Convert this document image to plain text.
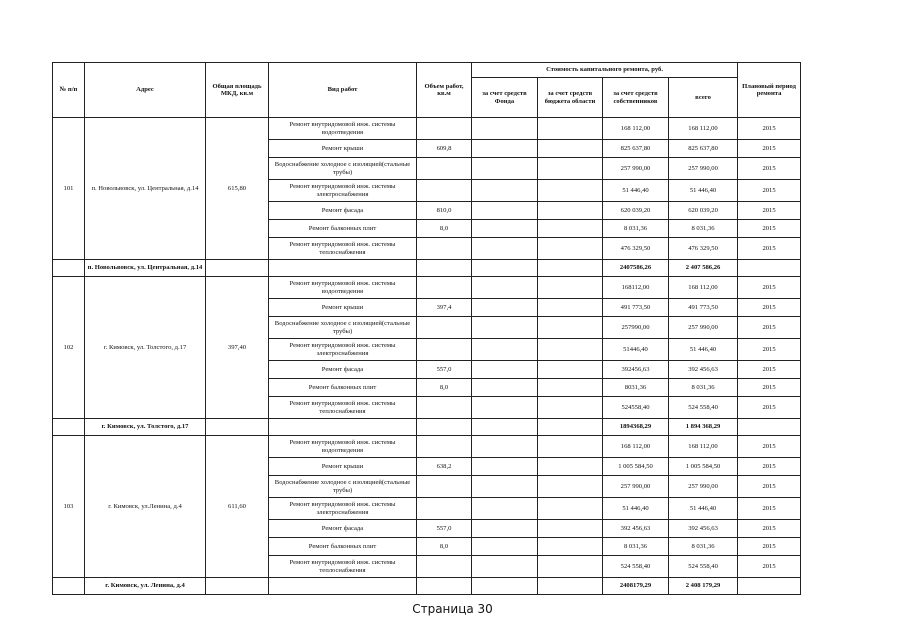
№ п/п	Адрес	Общая площадь МКД, кв.м	Вид работ	Объем работ, кв.м	Стоимость капитального ремонта, руб.				Плановый период ремонта
					за счет средств Фонда	за счет средств бюджета области	за счет средств собственников	всего	
101	п. Новольвовск, ул. Центральная, д.14	615,80	Ремонт внутридомовой инж. системы водоотведения				168 112,00	168 112,00	2015
			Ремонт крыши	609,8			825 637,80	825 637,80	2015
			Водоснабжение холодное с изоляцией(стальные трубы)				257 990,00	257 990,00	2015
			Ремонт внутридомовой инж. системы электроснабжения				51 446,40	51 446,40	2015
			Ремонт фасада	810,0			620 039,20	620 039,20	2015
			Ремонт балконных плит	8,0			8 031,36	8 031,36	2015
			Ремонт внутридомовой инж. системы теплоснабжения				476 329,50	476 329,50	2015
	п. Новольвовск, ул. Центральная, д.14						2407586,26	2 407 586,26	
102	г. Кимовск, ул. Толстого, д.17	397,40	Ремонт внутридомовой инж. системы водоотведения				168112,00	168 112,00	2015
			Ремонт крыши	397,4			491 773,50	491 773,50	2015
			Водоснабжение холодное с изоляцией(стальные трубы)				257990,00	257 990,00	2015
			Ремонт внутридомовой инж. системы электроснабжения				51446,40	51 446,40	2015
			Ремонт фасада	557,0			392456,63	392 456,63	2015
			Ремонт балконных плит	8,0			8031,36	8 031,36	2015
			Ремонт внутридомовой инж. системы теплоснабжения				524558,40	524 558,40	2015
	г. Кимовск, ул. Толстого, д.17						1894368,29	1 894 368,29	
103	г. Кимовск, ул.Ленина, д.4	611,60	Ремонт внутридомовой инж. системы водоотведения				168 112,00	168 112,00	2015
			Ремонт крыши	638,2			1 005 584,50	1 005 584,50	2015
			Водоснабжение холодное с изоляцией(стальные трубы)				257 990,00	257 990,00	2015
			Ремонт внутридомовой инж. системы электроснабжения				51 446,40	51 446,40	2015
			Ремонт фасада	557,0			392 456,63	392 456,63	2015
			Ремонт балконных плит	8,0			8 031,36	8 031,36	2015
			Ремонт внутридомовой инж. системы теплоснабжения				524 558,40	524 558,40	2015
	г. Кимовск, ул. Ленина, д.4						2408179,29	2 408 179,29	
Страница 30
